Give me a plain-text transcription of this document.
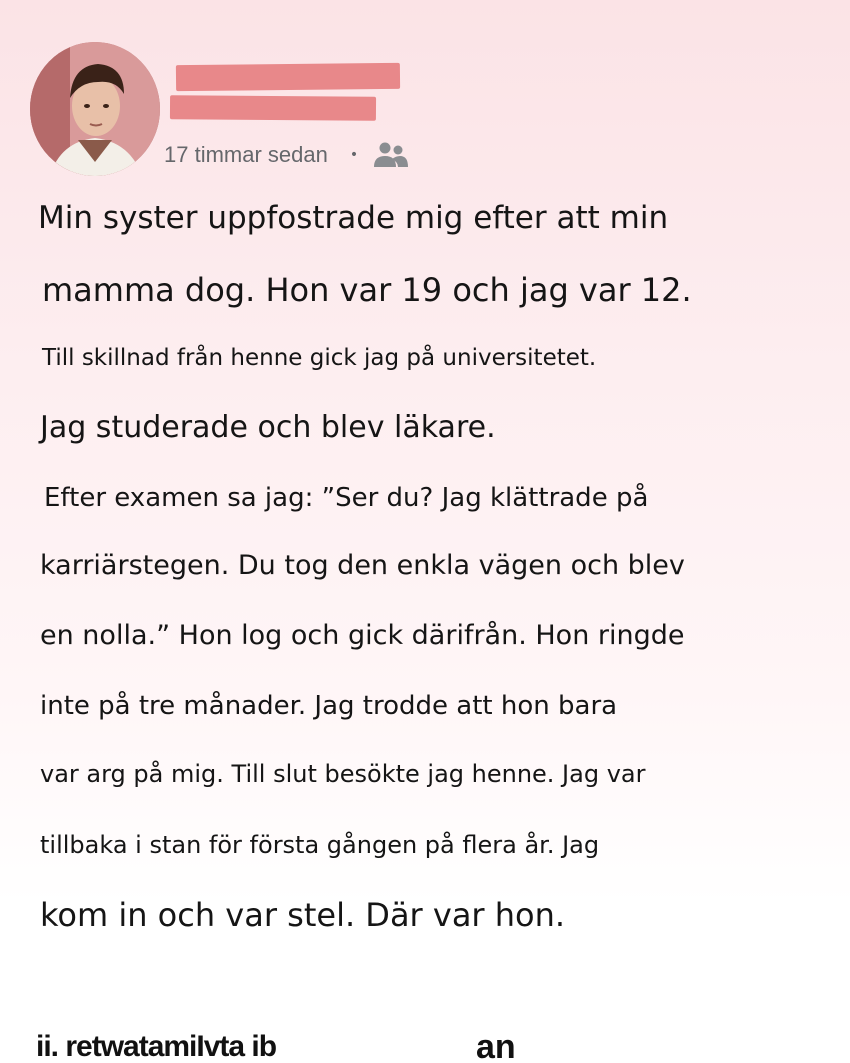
17 timmar sedan •
Min syster uppfostrade mig efter att min
mamma dog. Hon var 19 och jag var 12.
Till skillnad från henne gick jag på universitetet.
Jag studerade och blev läkare.
Efter examen sa jag: ”Ser du? Jag klättrade på
karriärstegen. Du tog den enkla vägen och blev
en nolla.” Hon log och gick därifrån. Hon ringde
inte på tre månader. Jag trodde att hon bara
var arg på mig. Till slut besökte jag henne. Jag var
tillbaka i stan för första gången på flera år. Jag
kom in och var stel. Där var hon.
ii. retwatamiIvta ib	an
